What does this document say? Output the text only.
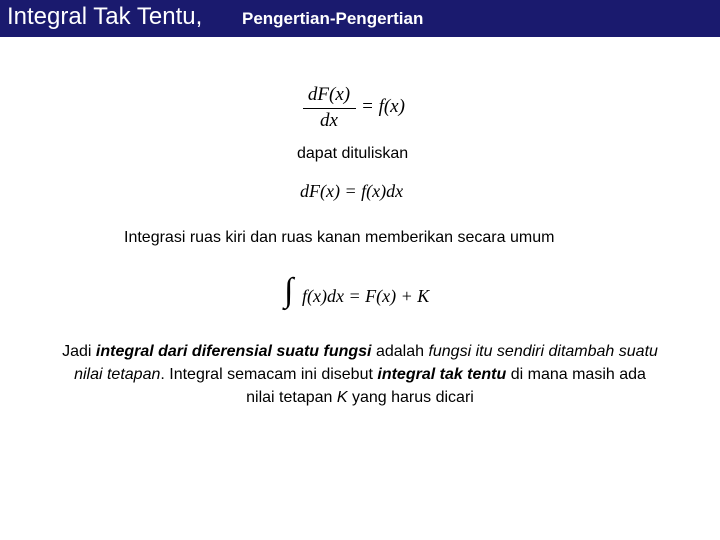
Integral Tak Tentu, Pengertian-Pengertian
dF(x)
dx
= f(x)
dapat dituliskan
dF(x) = f(x)dx
Integrasi ruas kiri dan ruas kanan memberikan secara umum
∫ f(x)dx = F(x) + K
Jadi integral dari diferensial suatu fungsi adalah fungsi itu sendiri ditambah suatu nilai tetapan. Integral semacam ini disebut integral tak tentu di mana masih ada nilai tetapan K yang harus dicari
